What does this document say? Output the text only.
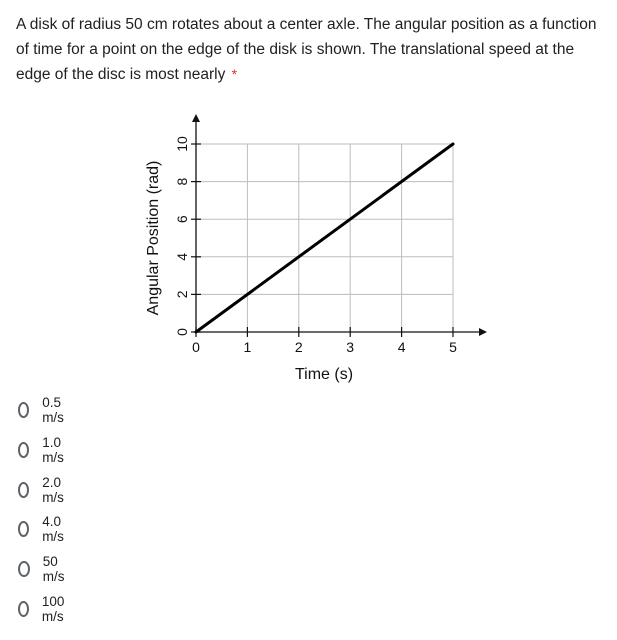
A disk of radius 50 cm rotates about a center axle. The angular position as a function of time for a point on the edge of the disk is shown. The translational speed at the edge of the disc is most nearly *
0	1	2	3	4	5
0
2
4
6
8
10
Time (s)
Angular Position (rad)
0.5 m/s
1.0 m/s
2.0 m/s
4.0 m/s
50 m/s
100 m/s
